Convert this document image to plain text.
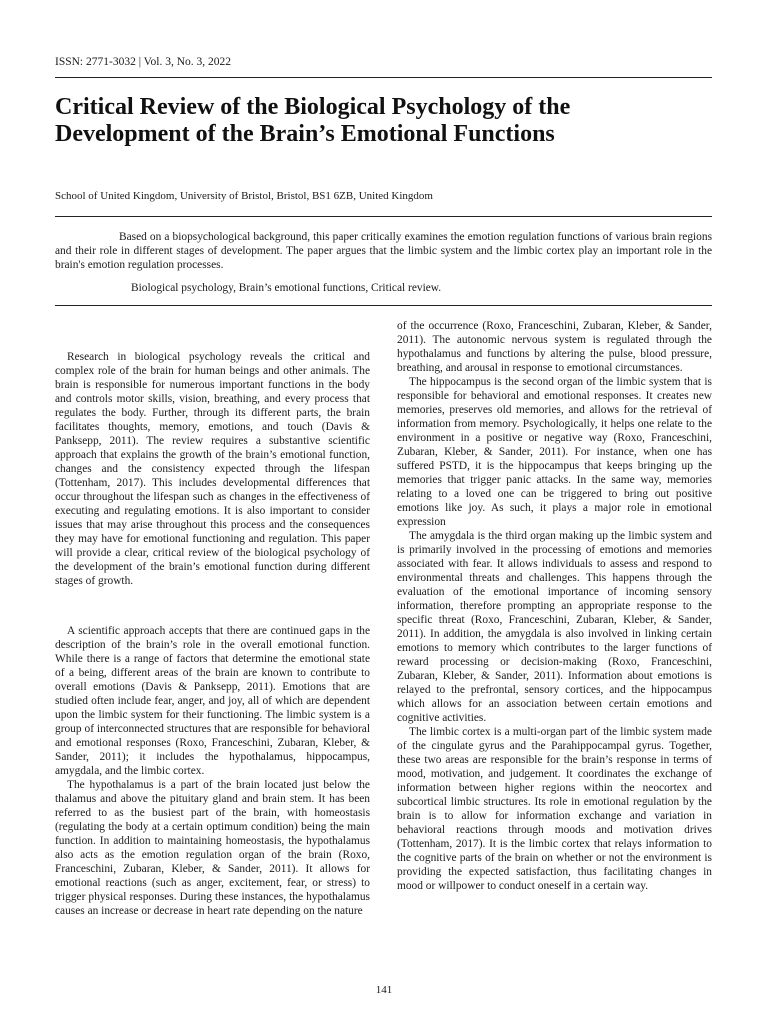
ISSN: 2771-3032 | Vol. 3, No. 3, 2022

Critical Review of the Biological Psychology of the Development of the Brain’s Emotional Functions

School of United Kingdom, University of Bristol, Bristol, BS1 6ZB, United Kingdom

Based on a biopsychological background, this paper critically examines the emotion regulation functions of various brain regions and their role in different stages of development. The paper argues that the limbic system and the limbic cortex play an important role in the brain's emotion regulation processes.

Biological psychology, Brain’s emotional functions, Critical review.

Research in biological psychology reveals the critical and complex role of the brain for human beings and other animals. The brain is responsible for numerous important functions in the body and controls motor skills, vision, breathing, and every process that regulates the body. Further, through its different parts, the brain facilitates thoughts, memory, emotions, and touch (Davis & Panksepp, 2011). The review requires a substantive scientific approach that explains the growth of the brain’s emotional function, changes and the consistency expected through the lifespan (Tottenham, 2017). This includes developmental differences that occur throughout the lifespan such as changes in the effectiveness of executing and regulating emotions. It is also important to consider issues that may arise throughout this process and the consequences they may have for emotional functioning and regulation. This paper will provide a clear, critical review of the biological psychology of the development of the brain’s emotional function during different stages of growth.

A scientific approach accepts that there are continued gaps in the description of the brain’s role in the overall emotional function. While there is a range of factors that determine the emotional state of a being, different areas of the brain are known to contribute to overall emotions (Davis & Panksepp, 2011). Emotions that are studied often include fear, anger, and joy, all of which are dependent upon the limbic system for their functioning. The limbic system is a group of interconnected structures that are responsible for behavioral and emotional responses (Roxo, Franceschini, Zubaran, Kleber, & Sander, 2011); it includes the hypothalamus, hippocampus, amygdala, and the limbic cortex.

The hypothalamus is a part of the brain located just below the thalamus and above the pituitary gland and brain stem. It has been referred to as the busiest part of the brain, with homeostasis (regulating the body at a certain optimum condition) being the main function. In addition to maintaining homeostasis, the hypothalamus also acts as the emotion regulation organ of the brain (Roxo, Franceschini, Zubaran, Kleber, & Sander, 2011). It allows for emotional reactions (such as anger, excitement, fear, or stress) to trigger physical responses. During these instances, the hypothalamus causes an increase or decrease in heart rate depending on the nature

of the occurrence (Roxo, Franceschini, Zubaran, Kleber, & Sander, 2011). The autonomic nervous system is regulated through the hypothalamus and functions by altering the pulse, blood pressure, breathing, and arousal in response to emotional circumstances.

The hippocampus is the second organ of the limbic system that is responsible for behavioral and emotional responses. It creates new memories, preserves old memories, and allows for the retrieval of information from memory. Psychologically, it helps one relate to the environment in a positive or negative way (Roxo, Franceschini, Zubaran, Kleber, & Sander, 2011). For instance, when one has suffered PSTD, it is the hippocampus that keeps bringing up the memories that trigger panic attacks. In the same way, memories relating to a loved one can be triggered to bring out positive emotions like joy. As such, it plays a major role in emotional expression

The amygdala is the third organ making up the limbic system and is primarily involved in the processing of emotions and memories associated with fear. It allows individuals to assess and respond to environmental threats and challenges. This happens through the evaluation of the emotional importance of incoming sensory information, therefore prompting an appropriate response to the specific threat (Roxo, Franceschini, Zubaran, Kleber, & Sander, 2011). In addition, the amygdala is also involved in linking certain emotions to memory which contributes to the larger functions of reward processing or decision-making (Roxo, Franceschini, Zubaran, Kleber, & Sander, 2011). Information about emotions is relayed to the prefrontal, sensory cortices, and the hippocampus which allows for an association between certain emotions and cognitive activities.

The limbic cortex is a multi-organ part of the limbic system made of the cingulate gyrus and the Parahippocampal gyrus. Together, these two areas are responsible for the brain’s response in terms of mood, motivation, and judgement. It coordinates the exchange of information between higher regions within the neocortex and subcortical limbic structures. Its role in emotional regulation by the brain is to allow for information exchange and variation in behavioral reactions through moods and motivation drives (Tottenham, 2017). It is the limbic cortex that relays information to the cognitive parts of the brain on whether or not the environment is providing the expected satisfaction, thus facilitating changes in mood or willpower to conduct oneself in a certain way.

141
